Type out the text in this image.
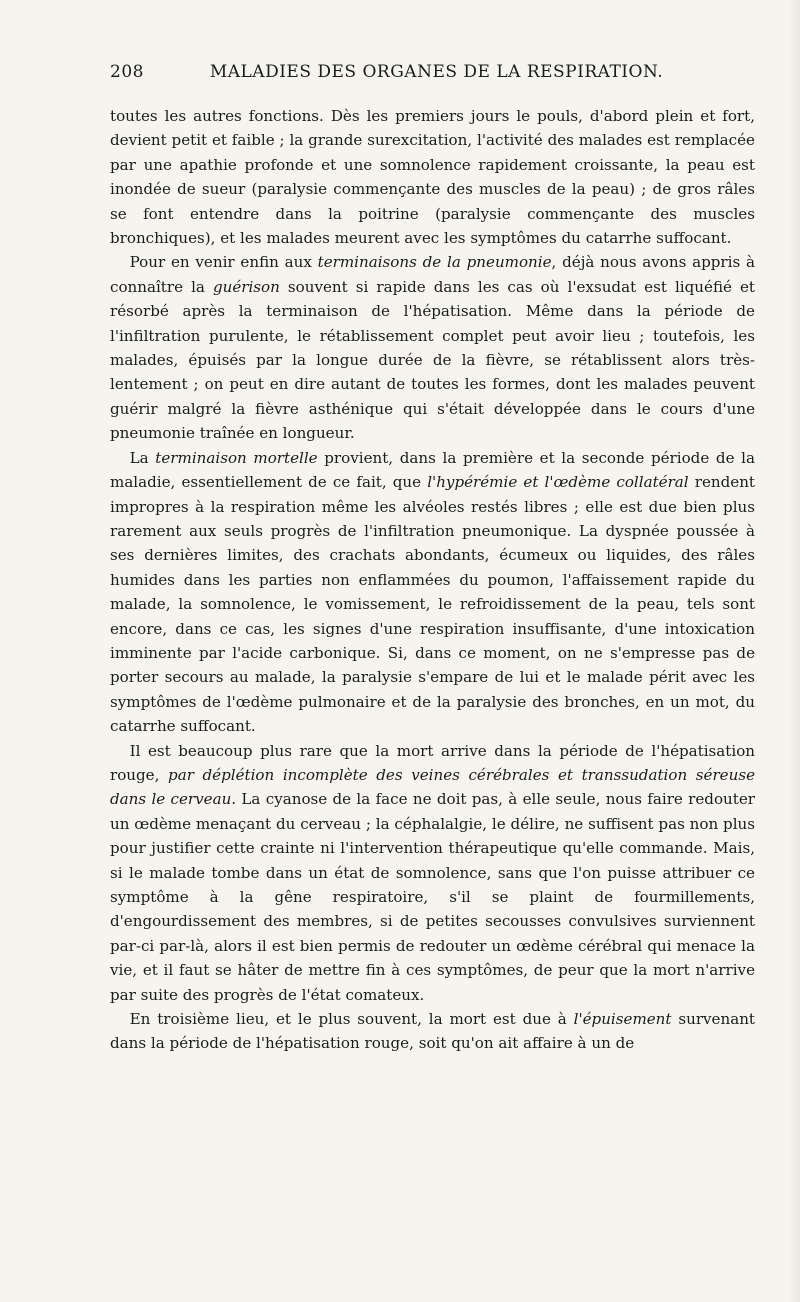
208	MALADIES DES ORGANES DE LA RESPIRATION.

toutes les autres fonctions. Dès les premiers jours le pouls, d'abord plein et fort, devient petit et faible ; la grande surexcitation, l'activité des malades est remplacée par une apathie profonde et une somnolence rapidement croissante, la peau est inondée de sueur (paralysie commençante des muscles de la peau) ; de gros râles se font entendre dans la poitrine (paralysie commençante des muscles bronchiques), et les malades meurent avec les symptômes du catarrhe suffocant.

Pour en venir enfin aux terminaisons de la pneumonie, déjà nous avons appris à connaître la guérison souvent si rapide dans les cas où l'exsudat est liquéfié et résorbé après la terminaison de l'hépatisation. Même dans la période de l'infiltration purulente, le rétablissement complet peut avoir lieu ; toutefois, les malades, épuisés par la longue durée de la fièvre, se rétablissent alors très-lentement ; on peut en dire autant de toutes les formes, dont les malades peuvent guérir malgré la fièvre asthénique qui s'était développée dans le cours d'une pneumonie traînée en longueur.

La terminaison mortelle provient, dans la première et la seconde période de la maladie, essentiellement de ce fait, que l'hypérémie et l'œdème collatéral rendent impropres à la respiration même les alvéoles restés libres ; elle est due bien plus rarement aux seuls progrès de l'infiltration pneumonique. La dyspnée poussée à ses dernières limites, des crachats abondants, écumeux ou liquides, des râles humides dans les parties non enflammées du poumon, l'affaissement rapide du malade, la somnolence, le vomissement, le refroidissement de la peau, tels sont encore, dans ce cas, les signes d'une respiration insuffisante, d'une intoxication imminente par l'acide carbonique. Si, dans ce moment, on ne s'empresse pas de porter secours au malade, la paralysie s'empare de lui et le malade périt avec les symptômes de l'œdème pulmonaire et de la paralysie des bronches, en un mot, du catarrhe suffocant.

Il est beaucoup plus rare que la mort arrive dans la période de l'hépatisation rouge, par déplétion incomplète des veines cérébrales et transsudation séreuse dans le cerveau. La cyanose de la face ne doit pas, à elle seule, nous faire redouter un œdème menaçant du cerveau ; la céphalalgie, le délire, ne suffisent pas non plus pour justifier cette crainte ni l'intervention thérapeutique qu'elle commande. Mais, si le malade tombe dans un état de somnolence, sans que l'on puisse attribuer ce symptôme à la gêne respiratoire, s'il se plaint de fourmillements, d'engourdissement des membres, si de petites secousses convulsives surviennent par-ci par-là, alors il est bien permis de redouter un œdème cérébral qui menace la vie, et il faut se hâter de mettre fin à ces symptômes, de peur que la mort n'arrive par suite des progrès de l'état comateux.

En troisième lieu, et le plus souvent, la mort est due à l'épuisement survenant dans la période de l'hépatisation rouge, soit qu'on ait affaire à un de
